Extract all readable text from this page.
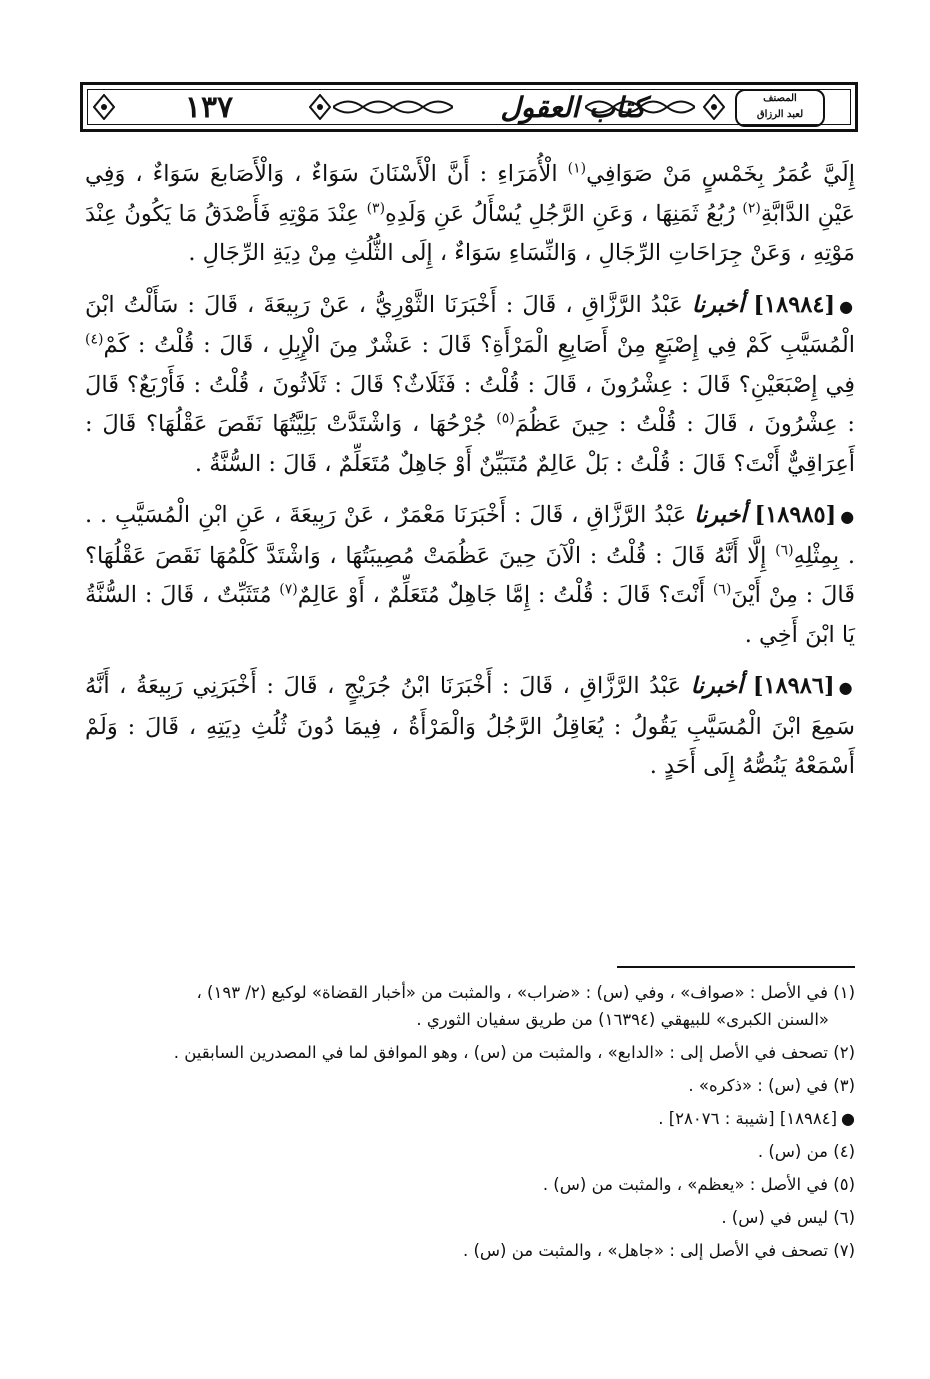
١٣٧	كتاب العقول	المصنف
لعبد الرزاق

إِلَيَّ عُمَرُ بِخَمْسٍ مَنْ صَوَافِي$^{(١)}$ الْأُمَرَاءِ : أَنَّ الْأَسْنَانَ سَوَاءٌ ، وَالْأَصَابعَ سَوَاءٌ ، وَفِي عَيْنِ الدَّابَّةِ$^{(٢)}$ رُبُعُ ثَمَنِهَا ، وَعَنِ الرَّجُلِ يُسْأَلُ عَنِ وَلَدِهِ$^{(٣)}$ عِنْدَ مَوْتِهِ فَأَصْدَقُ مَا يَكُونُ عِنْدَ مَوْتِهِ ، وَعَنْ جِرَاحَاتِ الرِّجَالِ ، وَالنِّسَاءِ سَوَاءٌ ، إِلَى الثُّلُثِ مِنْ دِيَةِ الرِّجَالِ .

●[١٨٩٨٤] أخبرنا عَبْدُ الرَّزَّاقِ ، قَالَ : أَخْبَرَنَا الثَّوْرِيُّ ، عَنْ رَبِيعَةَ ، قَالَ : سَأَلْتُ ابْنَ الْمُسَيَّبِ كَمْ فِي إِصْبَعٍ مِنْ أَصَابِعِ الْمَرْأَةِ؟ قَالَ : عَشْرٌ مِنَ الْإِبِلِ ، قَالَ : قُلْتُ : كَمْ$^{(٤)}$ فِي إِصْبَعَيْنِ؟ قَالَ : عِشْرُونَ ، قَالَ : قُلْتُ : فَثَلَاثٌ؟ قَالَ : ثَلَاثُونَ ، قُلْتُ : فَأَرْبَعٌ؟ قَالَ : عِشْرُونَ ، قَالَ : قُلْتُ : حِينَ عَظُمَ$^{(٥)}$ جُرْحُهَا ، وَاشْتَدَّتْ بَلِيَّتُهَا نَقَصَ عَقْلُهَا؟ قَالَ : أَعِرَاقِيٌّ أَنْتَ؟ قَالَ : قُلْتُ : بَلْ عَالِمٌ مُتَبَيِّنٌ أَوْ جَاهِلٌ مُتَعَلِّمٌ ، قَالَ : السُّنَّةُ .

●[١٨٩٨٥] أخبرنا عَبْدُ الرَّزَّاقِ ، قَالَ : أَخْبَرَنَا مَعْمَرٌ ، عَنْ رَبِيعَةَ ، عَنِ ابْنِ الْمُسَيَّبِ . . . بِمِثْلِهِ$^{(٦)}$ إِلَّا أَنَّهُ قَالَ : قُلْتُ : الْآنَ حِينَ عَظُمَتْ مُصِيبَتُهَا ، وَاشْتَدَّ كَلْمُهَا نَقَصَ عَقْلُهَا؟ قَالَ : مِنْ أَيْنَ$^{(٦)}$ أَنْتَ؟ قَالَ : قُلْتُ : إِمَّا جَاهِلٌ مُتَعَلِّمٌ ، أَوْ عَالِمٌ$^{(٧)}$ مُتَثَبِّتٌ ، قَالَ : السُّنَّةُ يَا ابْنَ أَخِي .

●[١٨٩٨٦] أخبرنا عَبْدُ الرَّزَّاقِ ، قَالَ : أَخْبَرَنَا ابْنُ جُرَيْجٍ ، قَالَ : أَخْبَرَنِي رَبِيعَةُ ، أَنَّهُ سَمِعَ ابْنَ الْمُسَيَّبِ يَقُولُ : يُعَاقِلُ الرَّجُلُ وَالْمَرْأَةُ ، فِيمَا دُونَ ثُلُثِ دِيَتِهِ ، قَالَ : وَلَمْ أَسْمَعْهُ يَنُصُّهُ إِلَى أَحَدٍ .

(١) في الأصل : «صواف» ، وفي (س) : «ضراب» ، والمثبت من «أخبار القضاة» لوكيع (٢/ ١٩٣) ،

«السنن الكبرى» للبيهقي (١٦٣٩٤) من طريق سفيان الثوري .

(٢) تصحف في الأصل إلى : «الدابع» ، والمثبت من (س) ، وهو الموافق لما في المصدرين السابقين .

(٣) في (س) : «ذكره» .

●[١٨٩٨٤] [شيبة : ٢٨٠٧٦] .

(٤) من (س) .

(٥) في الأصل : «يعظم» ، والمثبت من (س) .

(٦) ليس في (س) .

(٧) تصحف في الأصل إلى : «جاهل» ، والمثبت من (س) .
